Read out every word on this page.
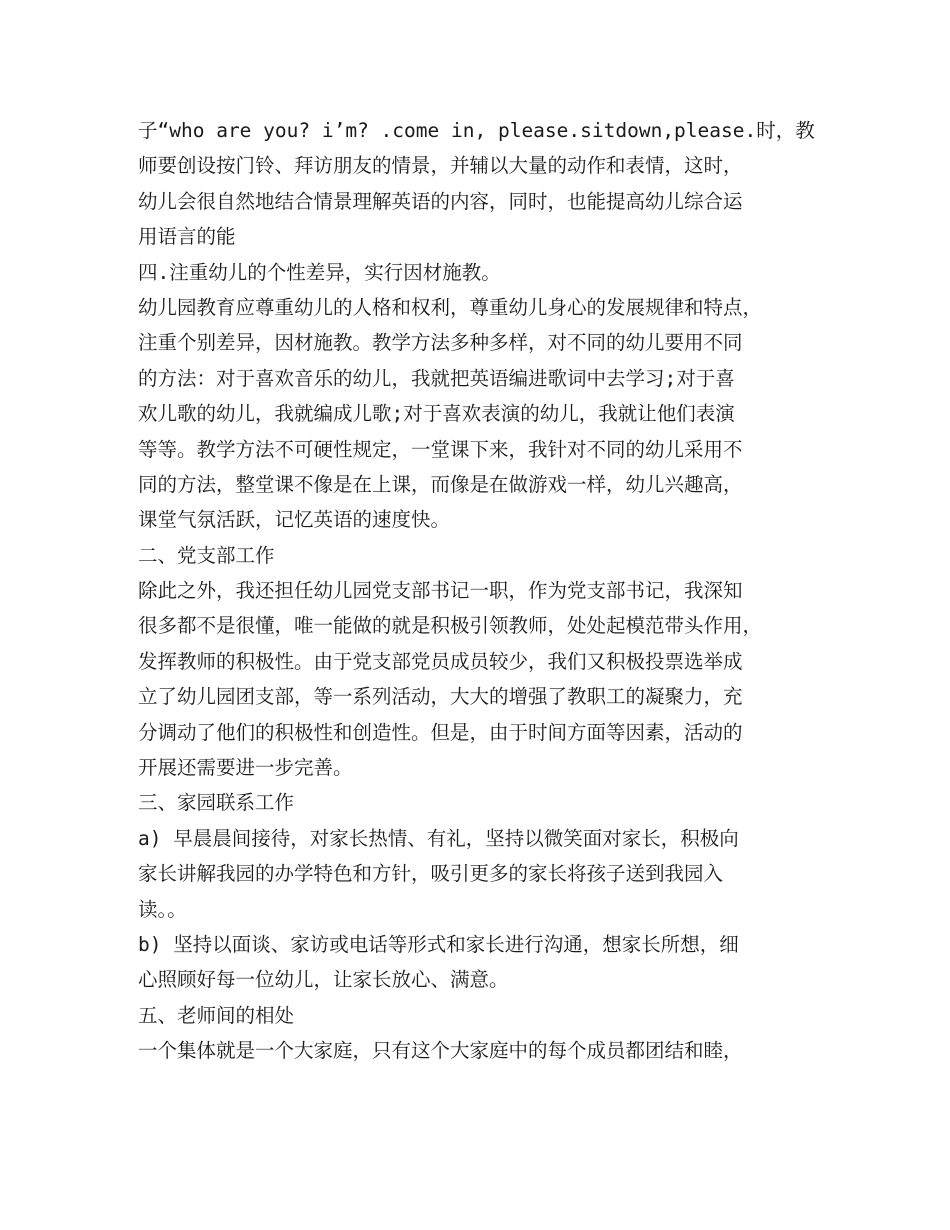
子“who are you? i’m? .come in, please.sitdown,please.时，教
师要创设按门铃、拜访朋友的情景，并辅以大量的动作和表情，这时，
幼儿会很自然地结合情景理解英语的内容，同时，也能提高幼儿综合运
用语言的能
四.注重幼儿的个性差异，实行因材施教。
幼儿园教育应尊重幼儿的人格和权利，尊重幼儿身心的发展规律和特点，
注重个别差异，因材施教。教学方法多种多样，对不同的幼儿要用不同
的方法：对于喜欢音乐的幼儿，我就把英语编进歌词中去学习;对于喜
欢儿歌的幼儿，我就编成儿歌;对于喜欢表演的幼儿，我就让他们表演
等等。教学方法不可硬性规定，一堂课下来，我针对不同的幼儿采用不
同的方法，整堂课不像是在上课，而像是在做游戏一样，幼儿兴趣高，
课堂气氛活跃，记忆英语的速度快。
二、党支部工作
除此之外，我还担任幼儿园党支部书记一职，作为党支部书记，我深知
很多都不是很懂，唯一能做的就是积极引领教师，处处起模范带头作用，
发挥教师的积极性。由于党支部党员成员较少，我们又积极投票选举成
立了幼儿园团支部，等一系列活动，大大的增强了教职工的凝聚力，充
分调动了他们的积极性和创造性。但是，由于时间方面等因素，活动的
开展还需要进一步完善。
三、家园联系工作
a) 早晨晨间接待，对家长热情、有礼，坚持以微笑面对家长，积极向
家长讲解我园的办学特色和方针，吸引更多的家长将孩子送到我园入
读。。
b) 坚持以面谈、家访或电话等形式和家长进行沟通，想家长所想，细
心照顾好每一位幼儿，让家长放心、满意。
五、老师间的相处
一个集体就是一个大家庭，只有这个大家庭中的每个成员都团结和睦，
